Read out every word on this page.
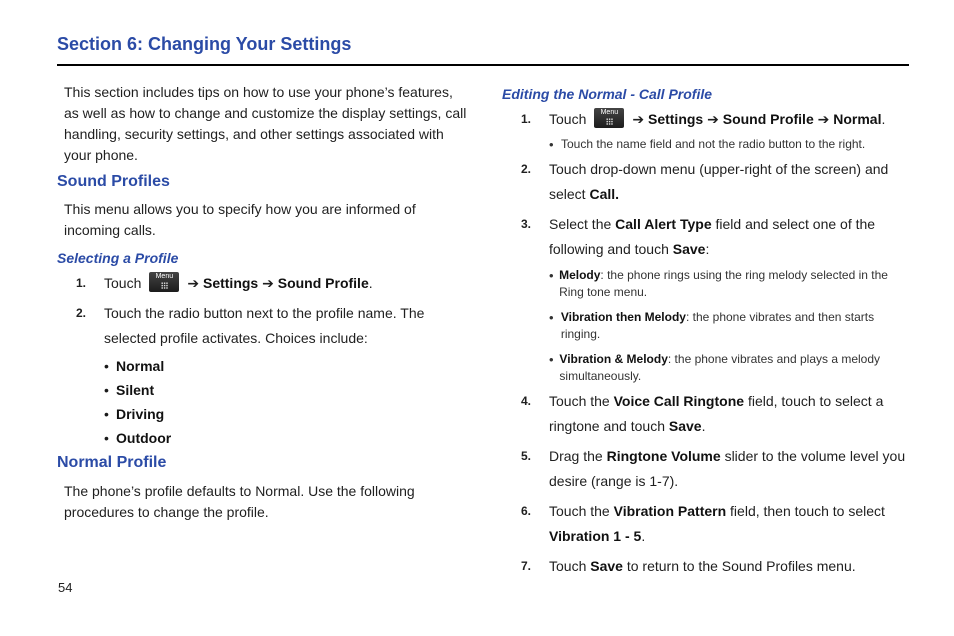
Section 6: Changing Your Settings

This section includes tips on how to use your phone’s features, as well as how to change and customize the display settings, call handling, security settings, and other settings associated with your phone.

Sound Profiles

This menu allows you to specify how you are informed of incoming calls.

Selecting a Profile
1.	Touch	Menu	➔ Settings ➔ Sound Profile.
2.	Touch the radio button next to the profile name. The selected profile activates. Choices include:
• Normal
• Silent
• Driving
• Outdoor
Normal Profile

The phone’s profile defaults to Normal. Use the following procedures to change the profile.

Editing the Normal - Call Profile
1.	Touch	Menu	➔ Settings ➔ Sound Profile ➔ Normal.
• Touch the name field and not the radio button to the right.
2.	Touch drop-down menu (upper-right of the screen) and select Call.
3.	Select the Call Alert Type field and select one of the following and touch Save:
• Melody: the phone rings using the ring melody selected in the Ring tone menu.
• Vibration then Melody: the phone vibrates and then starts ringing.
• Vibration & Melody: the phone vibrates and plays a melody simultaneously.
4.	Touch the Voice Call Ringtone field, touch to select a ringtone and touch Save.
5.	Drag the Ringtone Volume slider to the volume level you desire (range is 1-7).
6.	Touch the Vibration Pattern field, then touch to select Vibration 1 - 5.
7.	Touch Save to return to the Sound Profiles menu.
54
